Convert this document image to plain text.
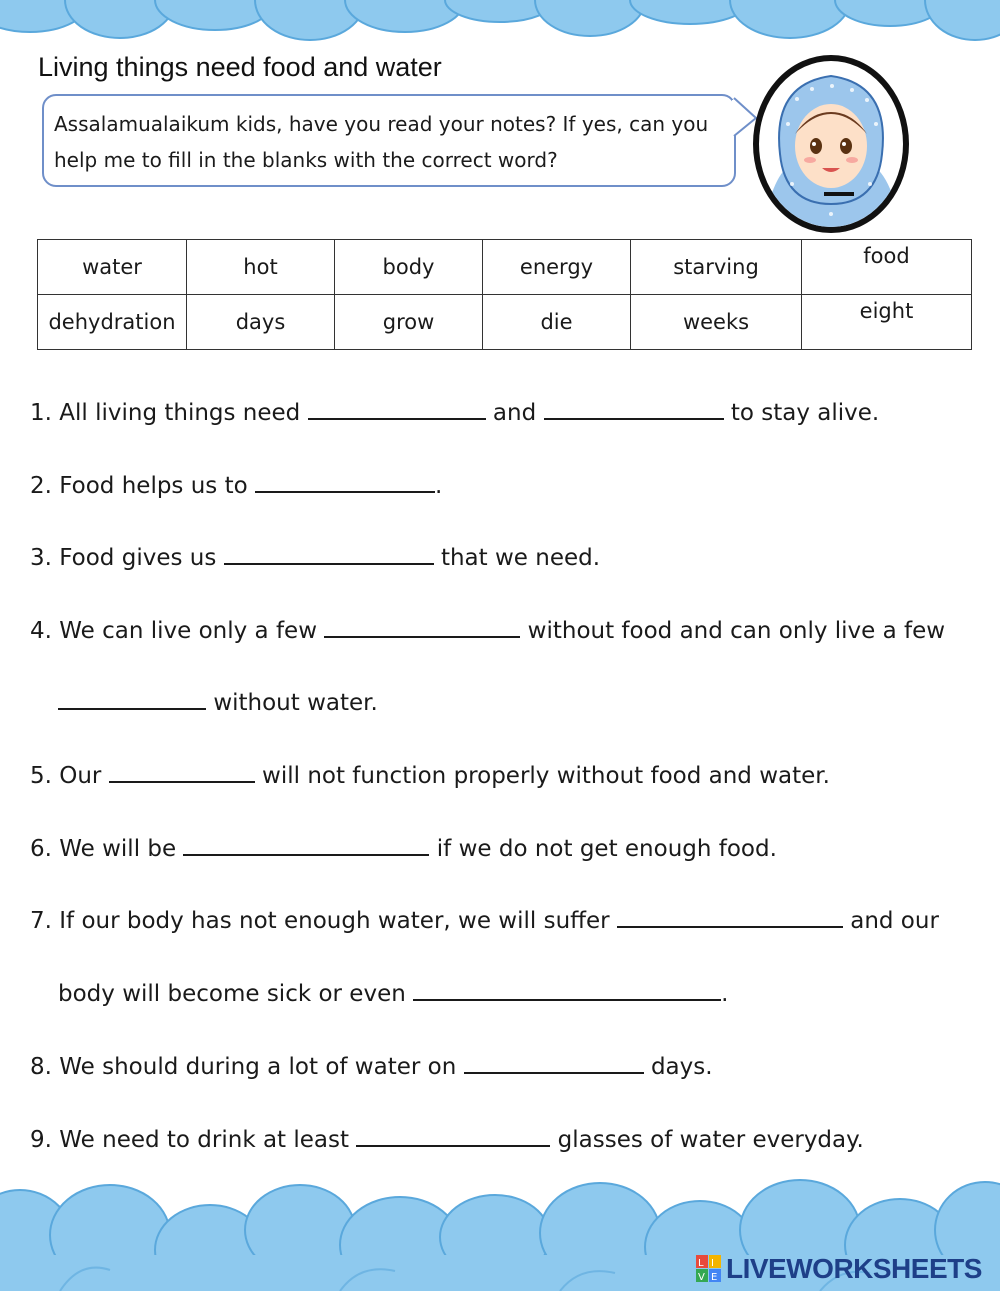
Living things need food and water
Assalamualaikum kids, have you read your notes? If yes, can you
help me to fill in the blanks with the correct word?
water	hot	body	energy	starving	food
dehydration	days	grow	die	weeks	eight
1. All living things need	and	to stay alive.
2. Food helps us to	.
3. Food gives us	that we need.
4. We can live only a few	without food and can only live a few
without water.
5. Our	will not function properly without food and water.
6. We will be	if we do not get enough food.
7. If our body has not enough water, we will suffer	and our
body will become sick or even	.
8. We should during a lot of water on	days.
9. We need to drink at least	glasses of water everyday.
L I
V E LIVEWORKSHEETS
